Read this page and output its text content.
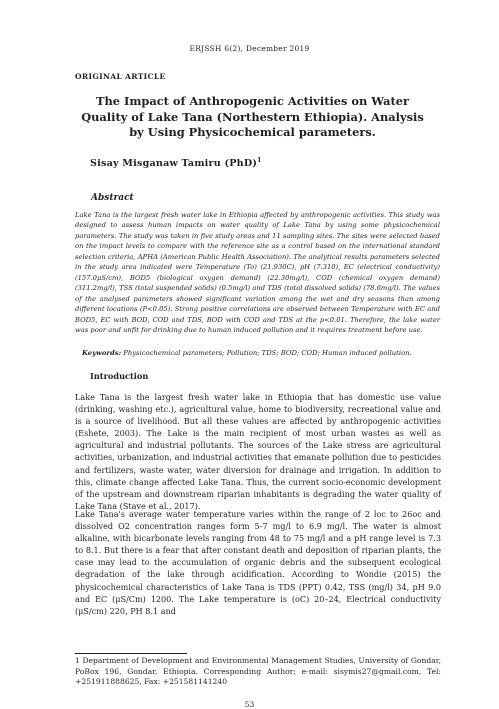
ERJSSH 6(2), December 2019
ORIGINAL ARTICLE
The Impact of Anthropogenic Activities on Water Quality of Lake Tana (Northestern Ethiopia). Analysis by Using Physicochemical parameters.
Sisay Misganaw Tamiru (PhD)$^1$
Abstract

Lake Tana is the largest fresh water lake in Ethiopia affected by anthropogenic activities. This study was designed to assess human impacts on water quality of Lake Tana by using some physicochemical parameters. The study was taken in five study areas and 11 sampling sites. The sites were selected based on the impact levels to compare with the reference site as a control based on the international standard selection criteria, APHA (American Public Health Association). The analytical results parameters selected in the study area indicated were Temperature (To) (21.930C), pH (7.310), EC (electrical conductivity) (157.0μS/cm), BOD5 (biological oxygen demand) (22.30mg/l), COD (chemical oxygen demand) (311.2mg/l), TSS (total suspended solids) (0.5mg/l) and TDS (total dissolved solids) (78.6mg/l). The values of the analysed parameters showed significant variation among the wet and dry seasons than among different locations (P<0.05). Strong positive correlations are observed between Temperature with EC and BOD5, EC with BOD, COD and TDS, BOD with COD and TDS at the p<0.01. Therefore, the lake water was poor and unfit for drinking due to human induced pollution and it requires treatment before use.

Keywords: Physicochemical parameters; Pollution; TDS; BOD; COD; Human induced pollution.

Introduction

Lake Tana is the largest fresh water lake in Ethiopia that has domestic use value (drinking, washing etc.), agricultural value, home to biodiversity, recreational value and is a source of livelihood. But all these values are affected by anthropogenic activities (Eshete, 2003). The Lake is the main recipient of most urban wastes as well as agricultural and industrial pollutants. The sources of the Lake stress are agricultural activities, urbanization, and industrial activities that emanate pollution due to pesticides and fertilizers, waste water, water diversion for drainage and irrigation. In addition to this, climate change affected Lake Tana. Thus, the current socio-economic development of the upstream and downstream riparian inhabitants is degrading the water quality of Lake Tana (Stave et al., 2017).

Lake Tana's average water temperature varies within the range of 2 loc to 26oc and dissolved O2 concentration ranges form 5-7 mg/l to 6.9 mg/l. The water is almost alkaline, with bicarbonate levels ranging from 48 to 75 mg/l and a pH range level is 7.3 to 8.1. But there is a fear that after constant death and deposition of riparian plants, the case may lead to the accumulation of organic debris and the subsequent ecological degradation of the lake through acidification. According to Wondie (2015) the physicochemical characteristics of Lake Tana is TDS (PPT) 0.42, TSS (mg/l) 34, pH 9.0 and EC (μS/Cm) 1200. The Lake temperature is (oC) 20–24, Electrical conductivity (μS/cm) 220, PH 8.1 and

1 Department of Development and Environmental Management Studies, University of Gondar, PoBox 196, Gondar, Ethiopia. Corresponding Author; e-mail: sisymis27@gmail.com, Tel: +251911888625, Fax: +251581141240

53
